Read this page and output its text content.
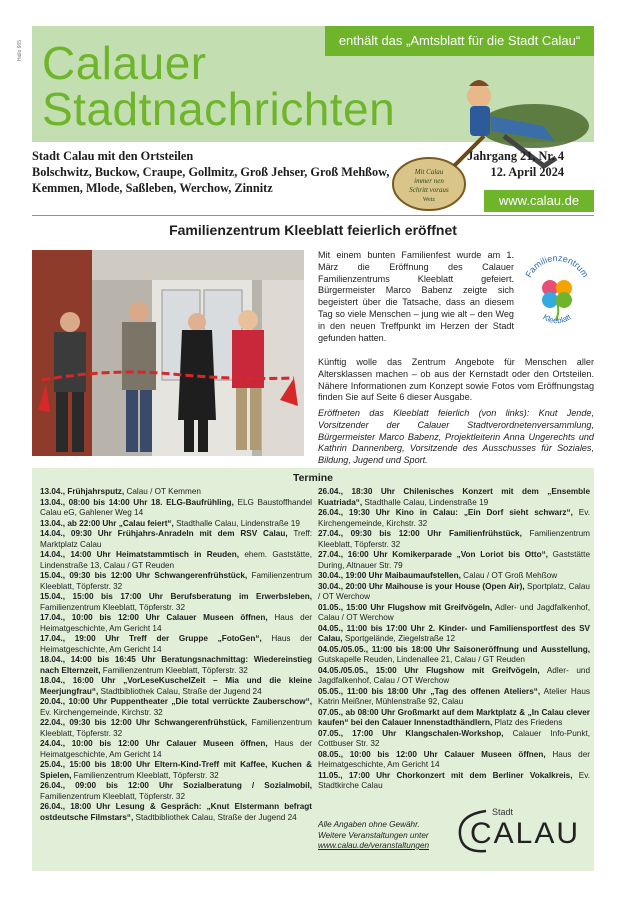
Hallo 665	enthält das „Amtsblatt für die Stadt Calau“
Calauer
Stadtnachrichten
Mit Calau
immer nen
Schritt voraus
Wetz
Stadt Calau mit den Ortsteilen
Bolschwitz, Buckow, Craupe, Gollmitz, Groß Jehser, Groß Mehßow,
Kemmen, Mlode, Saßleben, Werchow, Zinnitz
Jahrgang 21, Nr. 4
12. April 2024
www.calau.de
Familienzentrum Kleeblatt feierlich eröffnet
Mit einem bunten Familienfest wurde am 1. März die Eröffnung des Calauer Familienzentrums Kleeblatt gefeiert. Bürgermeister Marco Babenz zeigte sich begeistert über die Tatsache, dass an diesem Tag so viele Menschen – jung wie alt – den Weg in den neuen Treffpunkt im Herzen der Stadt gefunden hatten.
Familienzentrum
Kleeblatt
Künftig wolle das Zentrum Angebote für Menschen aller Altersklassen machen – ob aus der Kernstadt oder den Ortsteilen. Nähere Informationen zum Konzept sowie Fotos vom Eröffnungstag finden Sie auf Seite 6 dieser Ausgabe.
Eröffneten das Kleeblatt feierlich (von links): Knut Jende, Vorsitzender der Calauer Stadtverordnetenversammlung, Bürgermeister Marco Babenz, Projektleiterin Anna Ungerechts und Kathrin Dannenberg, Vorsitzende des Ausschusses für Soziales, Bildung, Jugend und Sport.
Termine

13.04., Frühjahrsputz, Calau / OT Kemmen

13.04., 08:00 bis 14:00 Uhr 18. ELG-Baufrühling, ELG Baustoffhandel Calau eG, Gahlener Weg 14

13.04., ab 22:00 Uhr „Calau feiert“, Stadthalle Calau, Lindenstraße 19

14.04., 09:30 Uhr Frühjahrs-Anradeln mit dem RSV Calau, Treff: Marktplatz Calau

14.04., 14:00 Uhr Heimatstammtisch in Reuden, ehem. Gaststätte, Lindenstraße 13, Calau / GT Reuden

15.04., 09:30 bis 12:00 Uhr Schwangerenfrühstück, Familienzentrum Kleeblatt, Töpferstr. 32

15.04., 15:00 bis 17:00 Uhr Berufsberatung im Erwerbsleben, Familienzentrum Kleeblatt, Töpferstr. 32

17.04., 10:00 bis 12:00 Uhr Calauer Museen öffnen, Haus der Heimatgeschichte, Am Gericht 14

17.04., 19:00 Uhr Treff der Gruppe „FotoGen“, Haus der Heimatgeschichte, Am Gericht 14

18.04., 14:00 bis 16:45 Uhr Beratungsnachmittag: Wiedereinstieg nach Elternzeit, Familienzentrum Kleeblatt, Töpferstr. 32

18.04., 16:00 Uhr „VorLeseKuschelZeit – Mia und die kleine Meerjungfrau“, Stadtbibliothek Calau, Straße der Jugend 24

20.04., 10:00 Uhr Puppentheater „Die total verrückte Zauberschow“, Ev. Kirchengemeinde, Kirchstr. 32

22.04., 09:30 bis 12:00 Uhr Schwangerenfrühstück, Familienzentrum Kleeblatt, Töpferstr. 32

24.04., 10:00 bis 12:00 Uhr Calauer Museen öffnen, Haus der Heimatgeschichte, Am Gericht 14

25.04., 15:00 bis 18:00 Uhr Eltern-Kind-Treff mit Kaffee, Kuchen & Spielen, Familienzentrum Kleeblatt, Töpferstr. 32

26.04., 09:00 bis 12:00 Uhr Sozialberatung / Sozialmobil, Familienzentrum Kleeblatt, Töpferstr. 32

26.04., 18:00 Uhr Lesung & Gespräch: „Knut Elstermann befragt ostdeutsche Filmstars“, Stadtbibliothek Calau, Straße der Jugend 24

26.04., 18:30 Uhr Chilenisches Konzert mit dem „Ensemble Kuatriada“, Stadthalle Calau, Lindenstraße 19

26.04., 19:30 Uhr Kino in Calau: „Ein Dorf sieht schwarz“, Ev. Kirchengemeinde, Kirchstr. 32

27.04., 09:30 bis 12:00 Uhr Familienfrühstück, Familienzentrum Kleeblatt, Töpferstr. 32

27.04., 16:00 Uhr Komikerparade „Von Loriot bis Otto“, Gaststätte During, Altnauer Str. 79

30.04., 19:00 Uhr Maibaumaufstellen, Calau / OT Groß Mehßow

30.04., 20:00 Uhr Maihouse is your House (Open Air), Sportplatz, Calau / OT Werchow

01.05., 15:00 Uhr Flugshow mit Greifvögeln, Adler- und Jagdfalkenhof, Calau / OT Werchow

04.05., 11:00 bis 17:00 Uhr 2. Kinder- und Familiensportfest des SV Calau, Sportgelände, Ziegelstraße 12

04.05./05.05., 11:00 bis 18:00 Uhr Saisoneröffnung und Ausstellung, Gutskapelle Reuden, Lindenallee 21, Calau / GT Reuden

04.05./05.05., 15:00 Uhr Flugshow mit Greifvögeln, Adler- und Jagdfalkenhof, Calau / OT Werchow

05.05., 11:00 bis 18:00 Uhr „Tag des offenen Ateliers“, Atelier Haus Katrin Meißner, Mühlenstraße 92, Calau

07.05., ab 08:00 Uhr Großmarkt auf dem Marktplatz & „In Calau clever kaufen“ bei den Calauer Innenstadthändlern, Platz des Friedens

07.05., 17:00 Uhr Klangschalen-Workshop, Calauer Info-Punkt, Cottbuser Str. 32

08.05., 10:00 bis 12:00 Uhr Calauer Museen öffnen, Haus der Heimatgeschichte, Am Gericht 14

11.05., 17:00 Uhr Chorkonzert mit dem Berliner Vokalkreis, Ev. Stadtkirche Calau

Alle Angaben ohne Gewähr.
Weitere Veranstaltungen unter
www.calau.de/veranstaltungen
Stadt
CALAU
